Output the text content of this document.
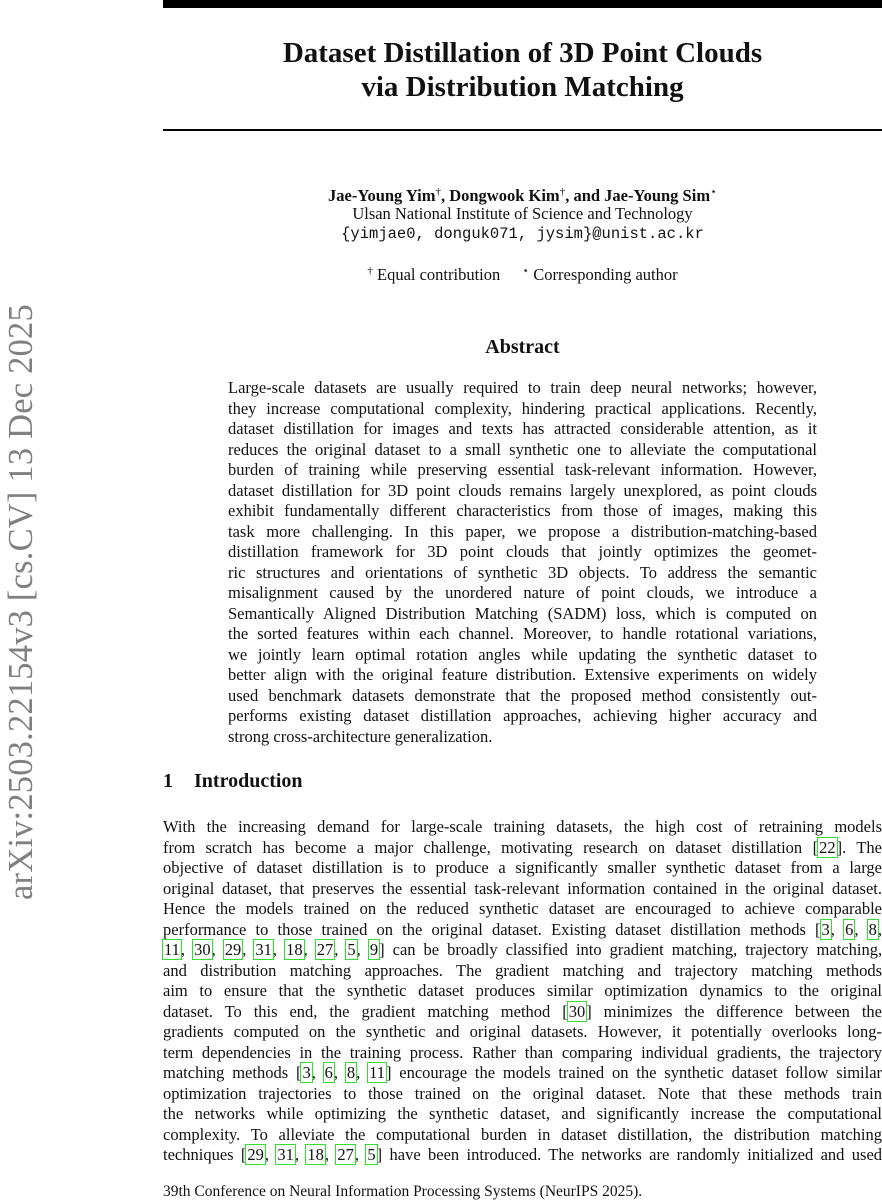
Dataset Distillation of 3D Point Clouds
via Distribution Matching
arXiv:2503.22154v3 [cs.CV] 13 Dec 2025
Jae-Young Yim†, Dongwook Kim†, and Jae-Young Sim⋆
Ulsan National Institute of Science and Technology
{yimjae0, donguk071, jysim}@unist.ac.kr
† Equal contribution ⋆ Corresponding author
Abstract
Large-scale datasets are usually required to train deep neural networks; however,
they increase computational complexity, hindering practical applications. Recently,
dataset distillation for images and texts has attracted considerable attention, as it
reduces the original dataset to a small synthetic one to alleviate the computational
burden of training while preserving essential task-relevant information. However,
dataset distillation for 3D point clouds remains largely unexplored, as point clouds
exhibit fundamentally different characteristics from those of images, making this
task more challenging. In this paper, we propose a distribution-matching-based
distillation framework for 3D point clouds that jointly optimizes the geomet-
ric structures and orientations of synthetic 3D objects. To address the semantic
misalignment caused by the unordered nature of point clouds, we introduce a
Semantically Aligned Distribution Matching (SADM) loss, which is computed on
the sorted features within each channel. Moreover, to handle rotational variations,
we jointly learn optimal rotation angles while updating the synthetic dataset to
better align with the original feature distribution. Extensive experiments on widely
used benchmark datasets demonstrate that the proposed method consistently out-
performs existing dataset distillation approaches, achieving higher accuracy and
strong cross-architecture generalization.
1 Introduction
With the increasing demand for large-scale training datasets, the high cost of retraining models
from scratch has become a major challenge, motivating research on dataset distillation [22]. The
objective of dataset distillation is to produce a significantly smaller synthetic dataset from a large
original dataset, that preserves the essential task-relevant information contained in the original dataset.
Hence the models trained on the reduced synthetic dataset are encouraged to achieve comparable
performance to those trained on the original dataset. Existing dataset distillation methods [3, 6, 8,
11, 30, 29, 31, 18, 27, 5, 9] can be broadly classified into gradient matching, trajectory matching,
and distribution matching approaches. The gradient matching and trajectory matching methods
aim to ensure that the synthetic dataset produces similar optimization dynamics to the original
dataset. To this end, the gradient matching method [30] minimizes the difference between the
gradients computed on the synthetic and original datasets. However, it potentially overlooks long-
term dependencies in the training process. Rather than comparing individual gradients, the trajectory
matching methods [3, 6, 8, 11] encourage the models trained on the synthetic dataset follow similar
optimization trajectories to those trained on the original dataset. Note that these methods train
the networks while optimizing the synthetic dataset, and significantly increase the computational
complexity. To alleviate the computational burden in dataset distillation, the distribution matching
techniques [29, 31, 18, 27, 5] have been introduced. The networks are randomly initialized and used
39th Conference on Neural Information Processing Systems (NeurIPS 2025).
